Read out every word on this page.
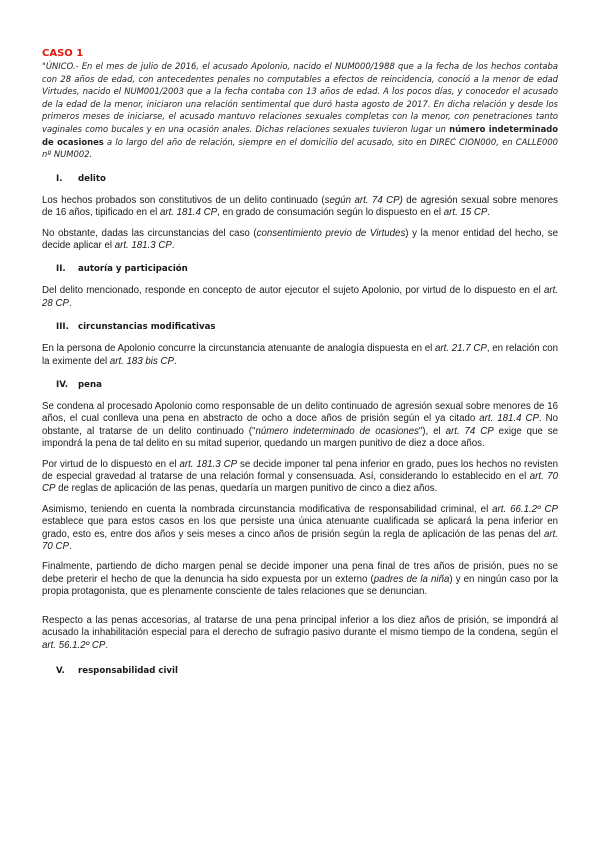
CASO 1

"ÚNICO.- En el mes de julio de 2016, el acusado Apolonio, nacido el NUM000/1988 que a la fecha de los hechos contaba con 28 años de edad, con antecedentes penales no computables a efectos de reincidencia, conoció a la menor de edad Virtudes, nacido el NUM001/2003 que a la fecha contaba con 13 años de edad. A los pocos días, y conocedor el acusado de la edad de la menor, iniciaron una relación sentimental que duró hasta agosto de 2017. En dicha relación y desde los primeros meses de iniciarse, el acusado mantuvo relaciones sexuales completas con la menor, con penetraciones tanto vaginales como bucales y en una ocasión anales. Dichas relaciones sexuales tuvieron lugar un número indeterminado de ocasiones a lo largo del año de relación, siempre en el domicilio del acusado, sito en DIREC CION000, en CALLE000 nº NUM002.

I.	delito

Los hechos probados son constitutivos de un delito continuado (según art. 74 CP) de agresión sexual sobre menores de 16 años, tipificado en el art. 181.4 CP, en grado de consumación según lo dispuesto en el art. 15 CP.

No obstante, dadas las circunstancias del caso (consentimiento previo de Virtudes) y la menor entidad del hecho, se decide aplicar el art. 181.3 CP.

II.	autoría y participación

Del delito mencionado, responde en concepto de autor ejecutor el sujeto Apolonio, por virtud de lo dispuesto en el art. 28 CP.

III.	circunstancias modificativas

En la persona de Apolonio concurre la circunstancia atenuante de analogía dispuesta en el art. 21.7 CP, en relación con la eximente del art. 183 bis CP.

IV.	pena

Se condena al procesado Apolonio como responsable de un delito continuado de agresión sexual sobre menores de 16 años, el cual conlleva una pena en abstracto de ocho a doce años de prisión según el ya citado art. 181.4 CP. No obstante, al tratarse de un delito continuado ("número indeterminado de ocasiones"), el art. 74 CP exige que se impondrá la pena de tal delito en su mitad superior, quedando un margen punitivo de diez a doce años.

Por virtud de lo dispuesto en el art. 181.3 CP se decide imponer tal pena inferior en grado, pues los hechos no revisten de especial gravedad al tratarse de una relación formal y consensuada. Así, considerando lo establecido en el art. 70 CP de reglas de aplicación de las penas, quedaría un margen punitivo de cinco a diez años.

Asimismo, teniendo en cuenta la nombrada circunstancia modificativa de responsabilidad criminal, el art. 66.1.2º CP establece que para estos casos en los que persiste una única atenuante cualificada se aplicará la pena inferior en grado, esto es, entre dos años y seis meses a cinco años de prisión según la regla de aplicación de las penas del art. 70 CP.

Finalmente, partiendo de dicho margen penal se decide imponer una pena final de tres años de prisión, pues no se debe preterir el hecho de que la denuncia ha sido expuesta por un externo (padres de la niña) y en ningún caso por la propia protagonista, que es plenamente consciente de tales relaciones que se denuncian.

Respecto a las penas accesorias, al tratarse de una pena principal inferior a los diez años de prisión, se impondrá al acusado la inhabilitación especial para el derecho de sufragio pasivo durante el mismo tiempo de la condena, según el art. 56.1.2º CP.

V.	responsabilidad civil
